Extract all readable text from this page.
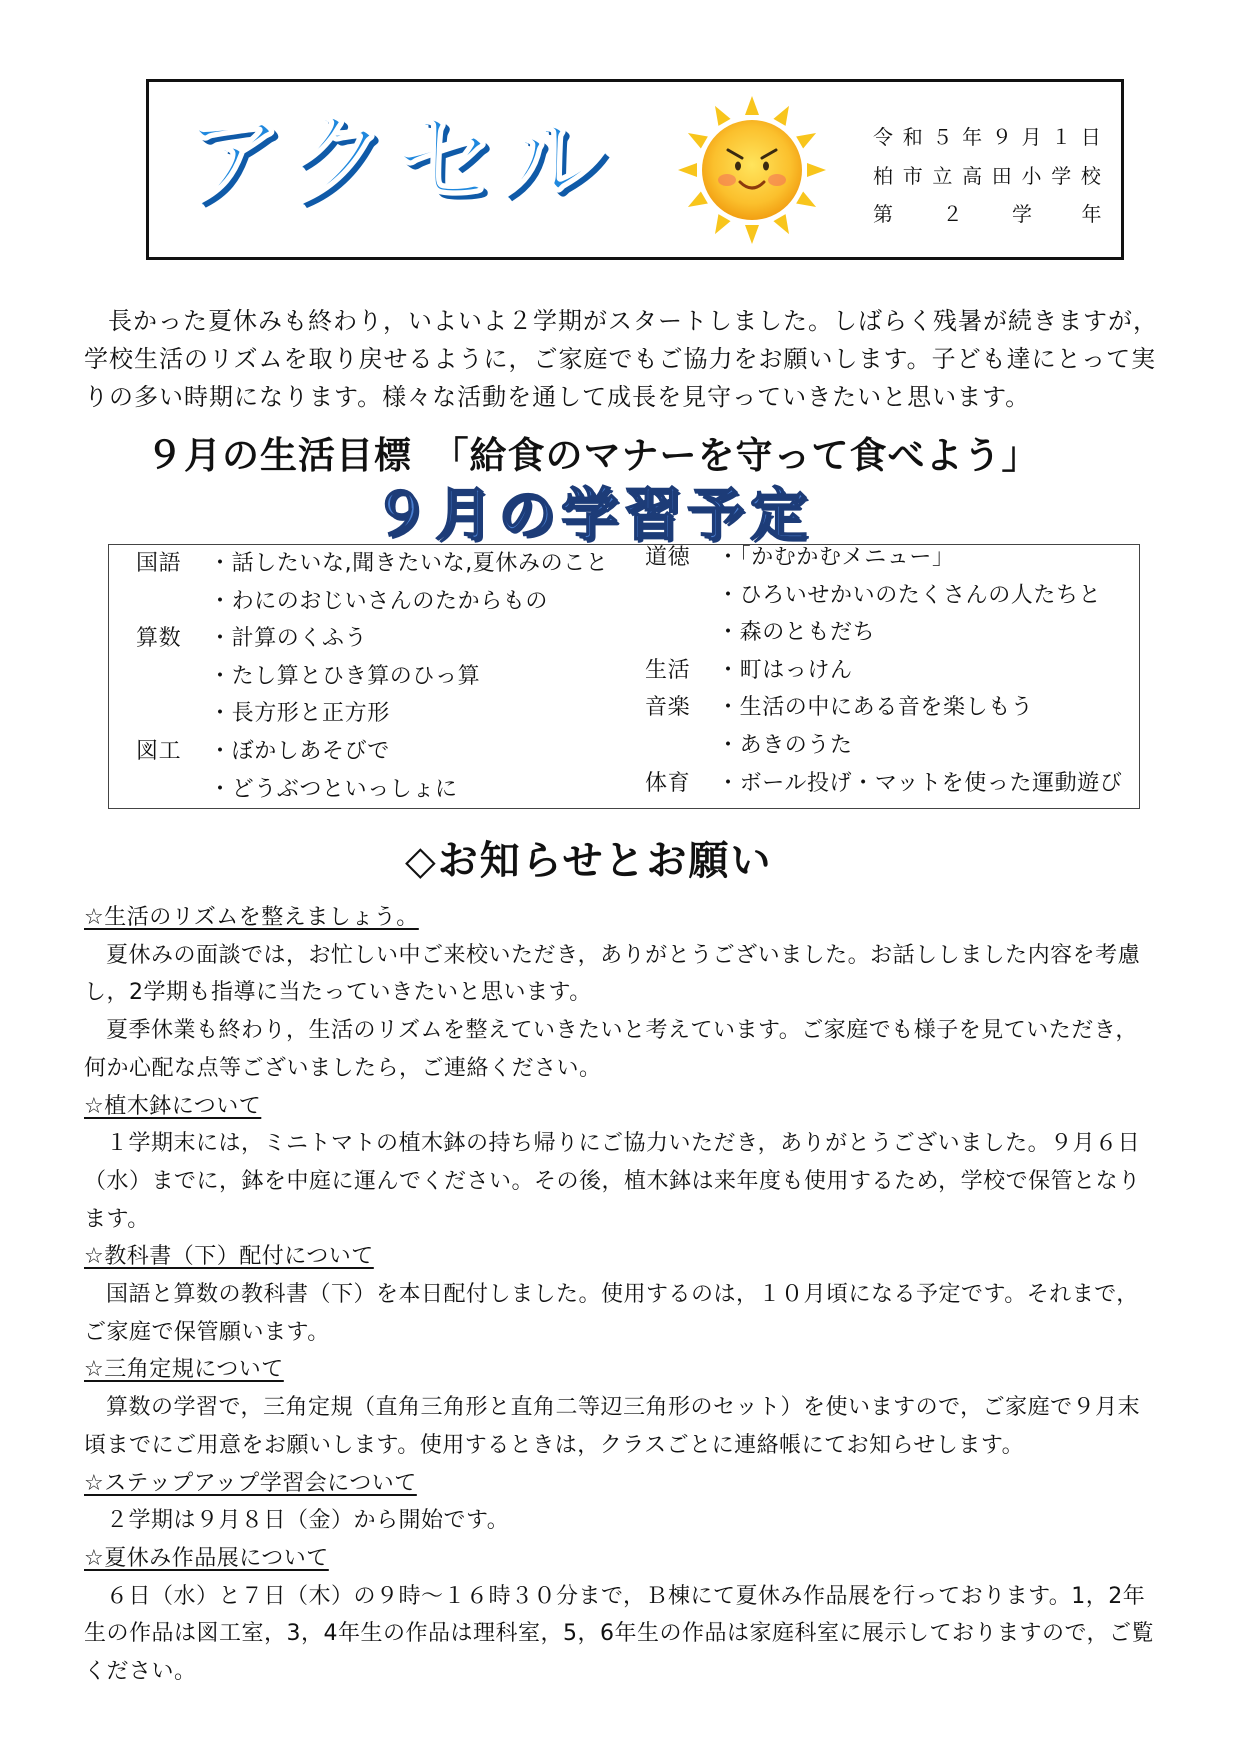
アクセル	令和５年９月１日
柏市立高田小学校
第２学年
長かった夏休みも終わり，いよいよ２学期がスタートしました。しばらく残暑が続きますが，
学校生活のリズムを取り戻せるように，ご家庭でもご協力をお願いします。子ども達にとって実
りの多い時期になります。様々な活動を通して成長を見守っていきたいと思います。
９月の生活目標　「給食のマナーを守って食べよう」
９月の学習予定
国語	・話したいな,聞きたいな,夏休みのこと
・わにのおじいさんのたからもの
算数	・計算のくふう
・たし算とひき算のひっ算
・長方形と正方形
図工	・ぼかしあそびで
・どうぶつといっしょに
道徳	・「かむかむメニュー」
・ひろいせかいのたくさんの人たちと
・森のともだち
生活	・町はっけん
音楽	・生活の中にある音を楽しもう
・あきのうた
体育	・ボール投げ・マットを使った運動遊び
◇お知らせとお願い
☆生活のリズムを整えましょう。
夏休みの面談では，お忙しい中ご来校いただき，ありがとうございました。お話ししました内容を考慮
し，2学期も指導に当たっていきたいと思います。
夏季休業も終わり，生活のリズムを整えていきたいと考えています。ご家庭でも様子を見ていただき，
何か心配な点等ございましたら，ご連絡ください。
☆植木鉢について
１学期末には，ミニトマトの植木鉢の持ち帰りにご協力いただき，ありがとうございました。９月６日
（水）までに，鉢を中庭に運んでください。その後，植木鉢は来年度も使用するため，学校で保管となり
ます。
☆教科書（下）配付について
国語と算数の教科書（下）を本日配付しました。使用するのは，１０月頃になる予定です。それまで，
ご家庭で保管願います。
☆三角定規について
算数の学習で，三角定規（直角三角形と直角二等辺三角形のセット）を使いますので，ご家庭で９月末
頃までにご用意をお願いします。使用するときは，クラスごとに連絡帳にてお知らせします。
☆ステップアップ学習会について
２学期は９月８日（金）から開始です。
☆夏休み作品展について
６日（水）と７日（木）の９時～１６時３０分まで，Ｂ棟にて夏休み作品展を行っております。1，2年
生の作品は図工室，3，4年生の作品は理科室，5，6年生の作品は家庭科室に展示しておりますので，ご覧
ください。
